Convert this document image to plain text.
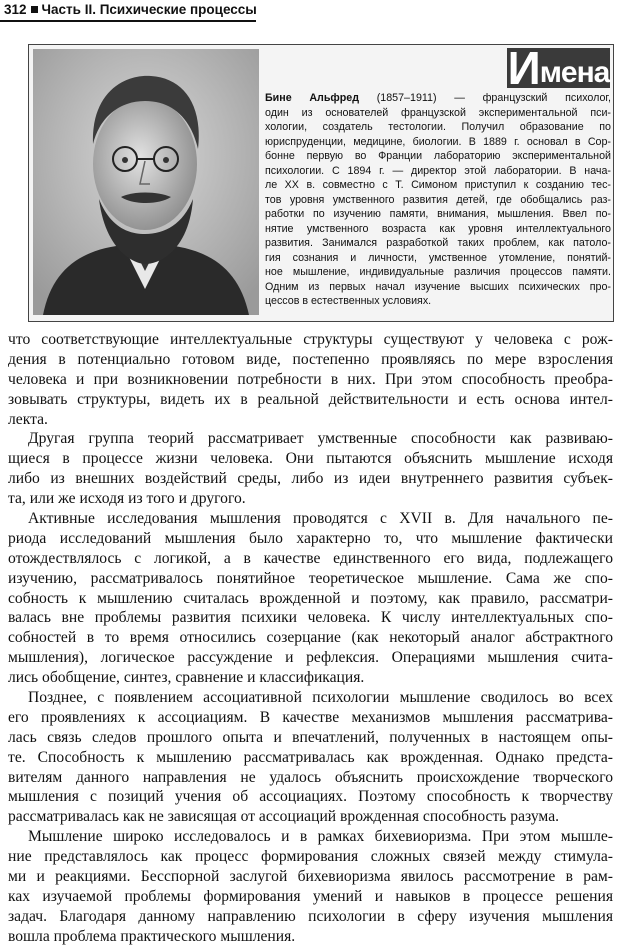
312 Часть II. Психические процессы
Имена
Бине Альфред (1857–1911) — французский психолог,
один из основателей французской экспериментальной пси-
хологии, создатель тестологии. Получил образование по
юриспруденции, медицине, биологии. В 1889 г. основал в Сор-
бонне первую во Франции лабораторию экспериментальной
психологии. С 1894 г. — директор этой лаборатории. В нача-
ле XX в. совместно с Т. Симоном приступил к созданию тес-
тов уровня умственного развития детей, где обобщались раз-
работки по изучению памяти, внимания, мышления. Ввел по-
нятие умственного возраста как уровня интеллектуального
развития. Занимался разработкой таких проблем, как патоло-
гия сознания и личности, умственное утомление, понятий-
ное мышление, индивидуальные различия процессов памяти.
Одним из первых начал изучение высших психических про-
цессов в естественных условиях.
что соответствующие интеллектуальные структуры существуют у человека с рож-
дения в потенциально готовом виде, постепенно проявляясь по мере взросления
человека и при возникновении потребности в них. При этом способность преобра-
зовывать структуры, видеть их в реальной действительности и есть основа интел-
лекта.
Другая группа теорий рассматривает умственные способности как развиваю-
щиеся в процессе жизни человека. Они пытаются объяснить мышление исходя
либо из внешних воздействий среды, либо из идеи внутреннего развития субъек-
та, или же исходя из того и другого.
Активные исследования мышления проводятся с XVII в. Для начального пе-
риода исследований мышления было характерно то, что мышление фактически
отождествлялось с логикой, а в качестве единственного его вида, подлежащего
изучению, рассматривалось понятийное теоретическое мышление. Сама же спо-
собность к мышлению считалась врожденной и поэтому, как правило, рассматри-
валась вне проблемы развития психики человека. К числу интеллектуальных спо-
собностей в то время относились созерцание (как некоторый аналог абстрактного
мышления), логическое рассуждение и рефлексия. Операциями мышления счита-
лись обобщение, синтез, сравнение и классификация.
Позднее, с появлением ассоциативной психологии мышление сводилось во всех
его проявлениях к ассоциациям. В качестве механизмов мышления рассматрива-
лась связь следов прошлого опыта и впечатлений, полученных в настоящем опы-
те. Способность к мышлению рассматривалась как врожденная. Однако предста-
вителям данного направления не удалось объяснить происхождение творческого
мышления с позиций учения об ассоциациях. Поэтому способность к творчеству
рассматривалась как не зависящая от ассоциаций врожденная способность разума.
Мышление широко исследовалось и в рамках бихевиоризма. При этом мышле-
ние представлялось как процесс формирования сложных связей между стимула-
ми и реакциями. Бесспорной заслугой бихевиоризма явилось рассмотрение в рам-
ках изучаемой проблемы формирования умений и навыков в процессе решения
задач. Благодаря данному направлению психологии в сферу изучения мышления
вошла проблема практического мышления.
